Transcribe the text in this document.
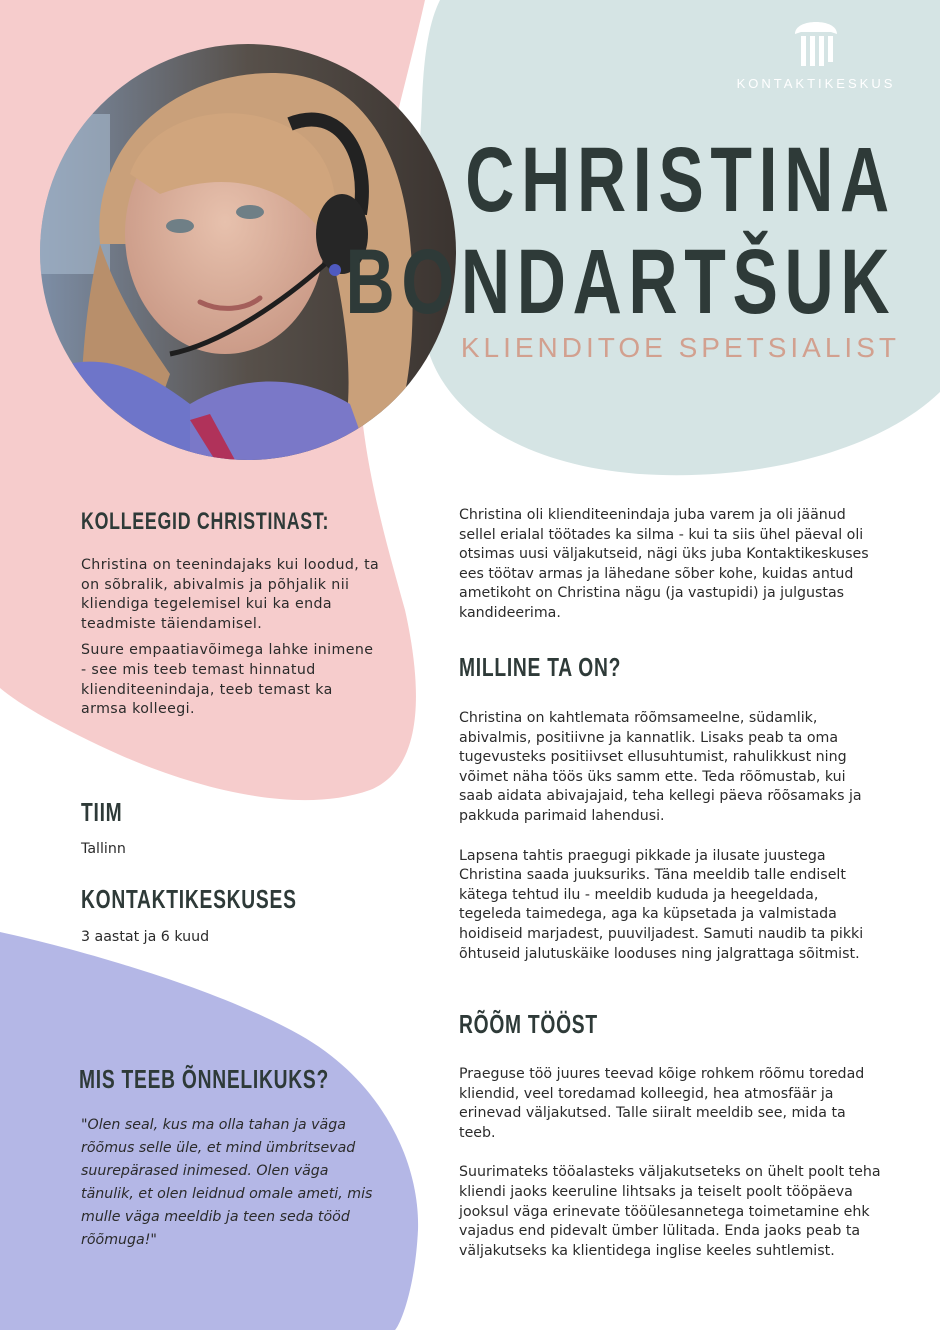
KONTAKTIKESKUS
CHRISTINA
BONDARTŠUK
KLIENDITOE SPETSIALIST
KOLLEEGID CHRISTINAST:

Christina on teenindajaks kui loodud, ta on sõbralik, abivalmis ja põhjalik nii kliendiga tegelemisel kui ka enda teadmiste täiendamisel.

Suure empaatiavõimega lahke inimene - see mis teeb temast hinnatud klienditeenindaja, teeb temast ka armsa kolleegi.

TIIM
Tallinn
KONTAKTIKESKUSES
3 aastat ja 6 kuud
MIS TEEB ÕNNELIKUKS?
"Olen seal, kus ma olla tahan ja väga rõõmus selle üle, et mind ümbritsevad suurepärased inimesed. Olen väga tänulik, et olen leidnud omale ameti, mis mulle väga meeldib ja teen seda tööd rõõmuga!"
Christina oli klienditeenindaja juba varem ja oli jäänud sellel erialal töötades ka silma - kui ta siis ühel päeval oli otsimas uusi väljakutseid, nägi üks juba Kontaktikeskuses ees töötav armas ja lähedane sõber kohe, kuidas antud ametikoht on Christina nägu (ja vastupidi) ja julgustas kandideerima.
MILLINE TA ON?

Christina on kahtlemata rõõmsameelne, südamlik, abivalmis, positiivne ja kannatlik. Lisaks peab ta oma tugevusteks positiivset ellusuhtumist, rahulikkust ning võimet näha töös üks samm ette. Teda rõõmustab, kui saab aidata abivajajaid, teha kellegi päeva rõõsamaks ja pakkuda parimaid lahendusi.

Lapsena tahtis praegugi pikkade ja ilusate juustega Christina saada juuksuriks. Täna meeldib talle endiselt kätega tehtud ilu - meeldib kududa ja heegeldada, tegeleda taimedega, aga ka küpsetada ja valmistada hoidiseid marjadest, puuviljadest. Samuti naudib ta pikki õhtuseid jalutuskäike looduses ning jalgrattaga sõitmist.

RÕÕM TÖÖST

Praeguse töö juures teevad kõige rohkem rõõmu toredad kliendid, veel toredamad kolleegid, hea atmosfäär ja erinevad väljakutsed. Talle siiralt meeldib see, mida ta teeb.

Suurimateks tööalasteks väljakutseteks on ühelt poolt teha kliendi jaoks keeruline lihtsaks ja teiselt poolt tööpäeva jooksul väga erinevate tööülesannetega toimetamine ehk vajadus end pidevalt ümber lülitada. Enda jaoks peab ta väljakutseks ka klientidega inglise keeles suhtlemist.
